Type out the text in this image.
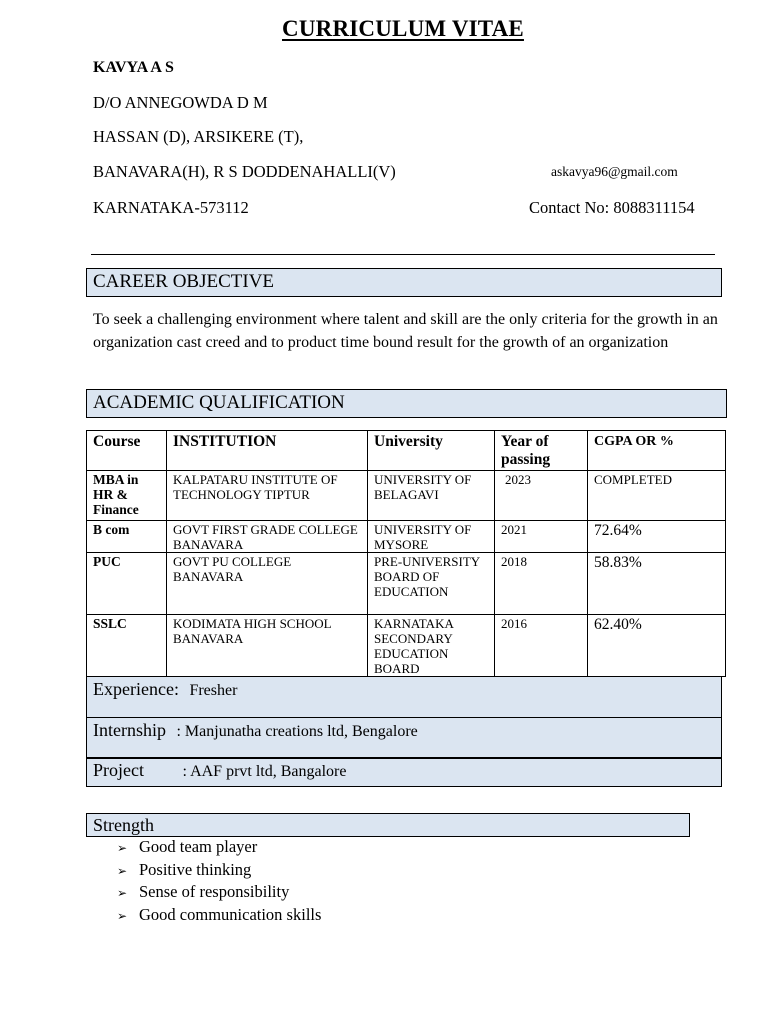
CURRICULUM VITAE
KAVYA A S
D/O ANNEGOWDA D M
HASSAN (D), ARSIKERE (T),
BANAVARA(H), R S DODDENAHALLI(V)
KARNATAKA-573112
askavya96@gmail.com
Contact No: 8088311154
CAREER OBJECTIVE
To seek a challenging environment where talent and skill are the only criteria for the growth in an organization cast creed and to product time bound result for the growth of an organization
ACADEMIC QUALIFICATION
Course	INSTITUTION	University	Year of passing	CGPA OR %
MBA in HR & Finance	KALPATARU INSTITUTE OF TECHNOLOGY TIPTUR	UNIVERSITY OF BELAGAVI	2023	COMPLETED
B com	GOVT FIRST GRADE COLLEGE BANAVARA	UNIVERSITY OF MYSORE	2021	72.64%
PUC	GOVT PU COLLEGE BANAVARA	PRE-UNIVERSITY BOARD OF EDUCATION	2018	58.83%
SSLC	KODIMATA HIGH SCHOOL BANAVARA	KARNATAKA SECONDARY EDUCATION BOARD	2016	62.40%
Experience: Fresher
Internship : Manjunatha creations ltd, Bengalore
Project : AAF prvt ltd, Bangalore
Strength
➢ Good team player
➢ Positive thinking
➢ Sense of responsibility
➢ Good communication skills
